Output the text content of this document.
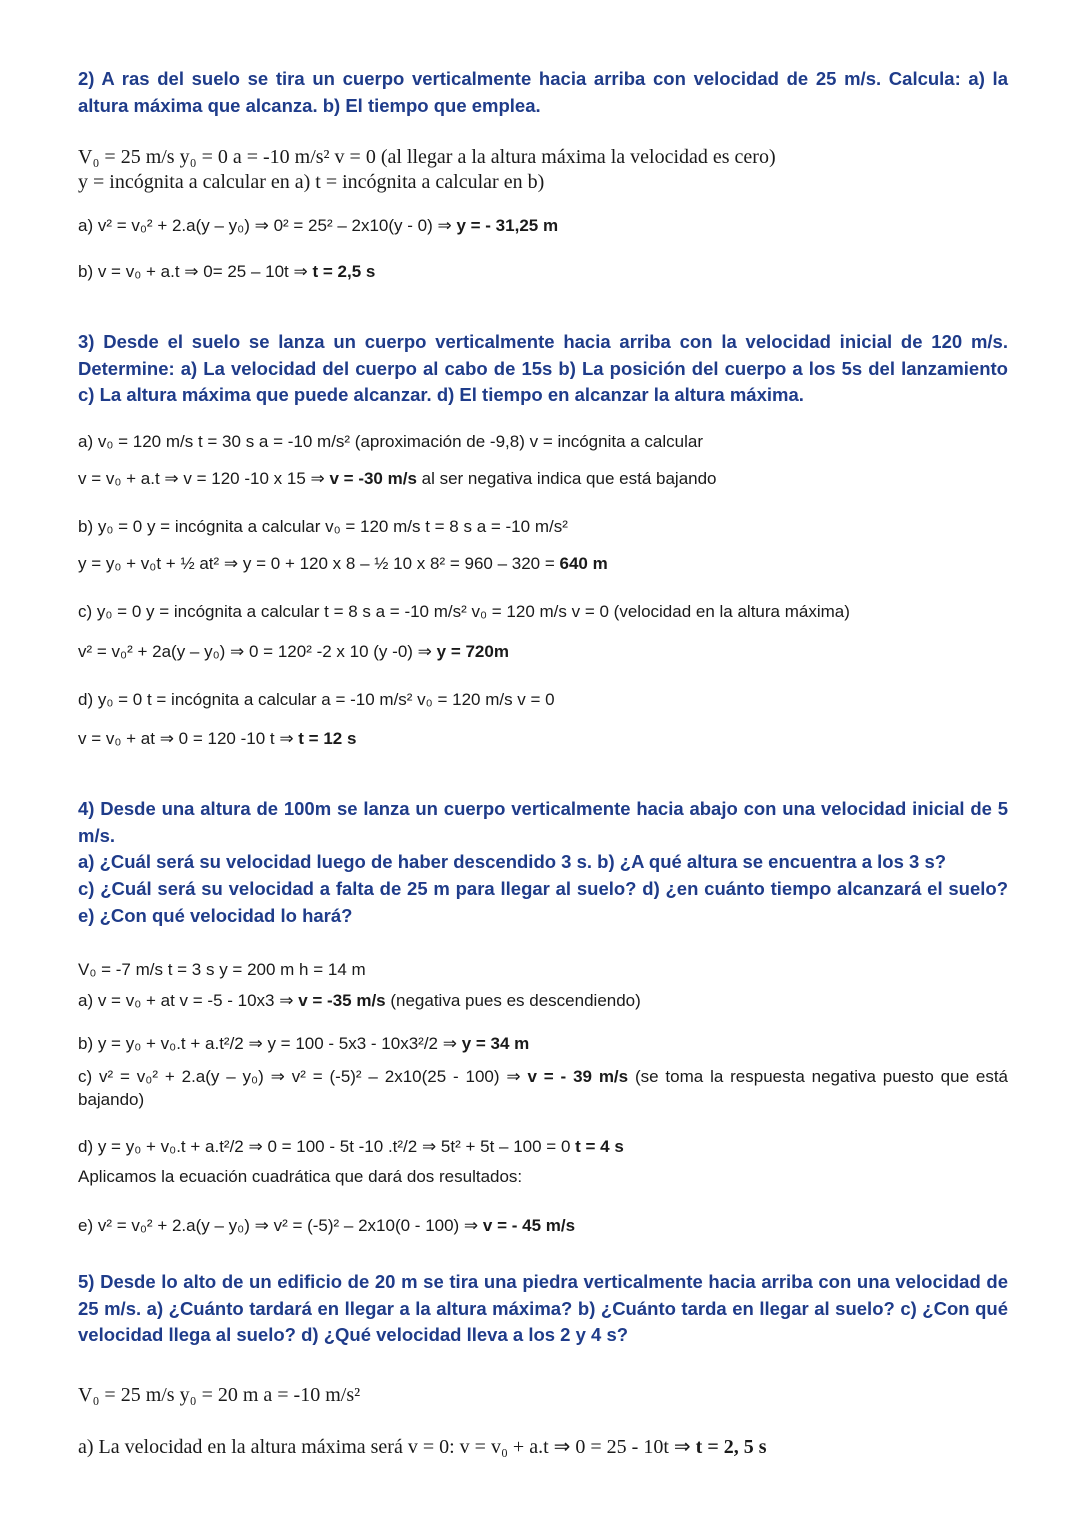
2) A ras del suelo se tira un cuerpo verticalmente hacia arriba con velocidad de 25 m/s. Calcula: a) la altura máxima que alcanza. b) El tiempo que emplea.

V₀ = 25 m/s y₀ = 0 a = -10 m/s² v = 0 (al llegar a la altura máxima la velocidad es cero)

y = incógnita a calcular en a) t = incógnita a calcular en b)

a) v² = v₀² + 2.a(y – y₀) ⇒ 0² = 25² – 2x10(y - 0) ⇒ y = - 31,25 m

b) v = v₀ + a.t ⇒ 0= 25 – 10t ⇒ t = 2,5 s

3) Desde el suelo se lanza un cuerpo verticalmente hacia arriba con la velocidad inicial de 120 m/s. Determine: a) La velocidad del cuerpo al cabo de 15s b) La posición del cuerpo a los 5s del lanzamiento c) La altura máxima que puede alcanzar. d) El tiempo en alcanzar la altura máxima.

a) v₀ = 120 m/s t = 30 s a = -10 m/s² (aproximación de -9,8) v = incógnita a calcular

v = v₀ + a.t ⇒ v = 120 -10 x 15 ⇒ v = -30 m/s al ser negativa indica que está bajando

b) y₀ = 0 y = incógnita a calcular v₀ = 120 m/s t = 8 s a = -10 m/s²

y = y₀ + v₀t + ½ at² ⇒ y = 0 + 120 x 8 – ½ 10 x 8² = 960 – 320 = 640 m

c) y₀ = 0 y = incógnita a calcular t = 8 s a = -10 m/s² v₀ = 120 m/s v = 0 (velocidad en la altura máxima)

v² = v₀² + 2a(y – y₀) ⇒ 0 = 120² -2 x 10 (y -0) ⇒ y = 720m

d) y₀ = 0 t = incógnita a calcular a = -10 m/s² v₀ = 120 m/s v = 0

v = v₀ + at ⇒ 0 = 120 -10 t ⇒ t = 12 s

4) Desde una altura de 100m se lanza un cuerpo verticalmente hacia abajo con una velocidad inicial de 5 m/s.

a) ¿Cuál será su velocidad luego de haber descendido 3 s. b) ¿A qué altura se encuentra a los 3 s?

c) ¿Cuál será su velocidad a falta de 25 m para llegar al suelo? d) ¿en cuánto tiempo alcanzará el suelo? e) ¿Con qué velocidad lo hará?

V₀ = -7 m/s t = 3 s y = 200 m h = 14 m

a) v = v₀ + at v = -5 - 10x3 ⇒ v = -35 m/s (negativa pues es descendiendo)

b) y = y₀ + v₀.t + a.t²/2 ⇒ y = 100 - 5x3 - 10x3²/2 ⇒ y = 34 m

c) v² = v₀² + 2.a(y – y₀) ⇒ v² = (-5)² – 2x10(25 - 100) ⇒ v = - 39 m/s (se toma la respuesta negativa puesto que está bajando)

d) y = y₀ + v₀.t + a.t²/2 ⇒ 0 = 100 - 5t -10 .t²/2 ⇒ 5t² + 5t – 100 = 0 t = 4 s

Aplicamos la ecuación cuadrática que dará dos resultados:

e) v² = v₀² + 2.a(y – y₀) ⇒ v² = (-5)² – 2x10(0 - 100) ⇒ v = - 45 m/s

5) Desde lo alto de un edificio de 20 m se tira una piedra verticalmente hacia arriba con una velocidad de 25 m/s. a) ¿Cuánto tardará en llegar a la altura máxima? b) ¿Cuánto tarda en llegar al suelo? c) ¿Con qué velocidad llega al suelo? d) ¿Qué velocidad lleva a los 2 y 4 s?

V₀ = 25 m/s y₀ = 20 m a = -10 m/s²

a) La velocidad en la altura máxima será v = 0: v = v₀ + a.t ⇒ 0 = 25 - 10t ⇒ t = 2, 5 s
